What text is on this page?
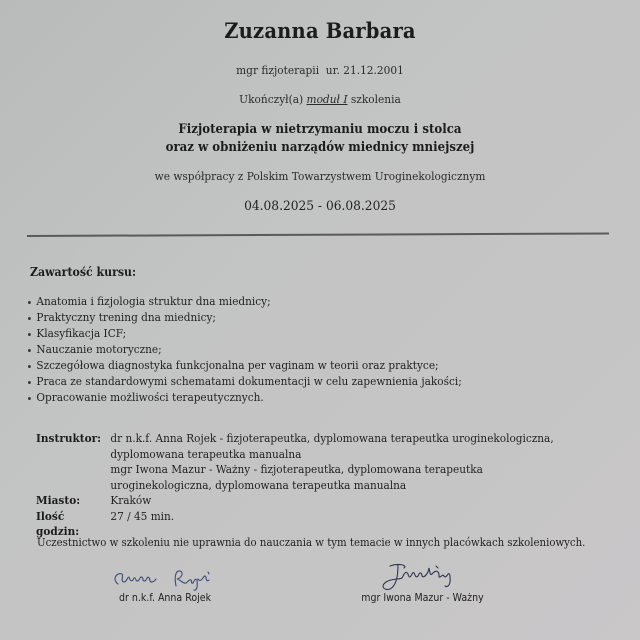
Zuzanna Barbara
mgr fizjoterapii ur. 21.12.2001
Ukończył(a) moduł I szkolenia
Fizjoterapia w nietrzymaniu moczu i stolca
oraz w obniżeniu narządów miednicy mniejszej
we współpracy z Polskim Towarzystwem Uroginekologicznym
04.08.2025 - 06.08.2025
Zawartość kursu:
Anatomia i fizjologia struktur dna miednicy;
Praktyczny trening dna miednicy;
Klasyfikacja ICF;
Nauczanie motoryczne;
Szczegółowa diagnostyka funkcjonalna per vaginam w teorii oraz praktyce;
Praca ze standardowymi schematami dokumentacji w celu zapewnienia jakości;
Opracowanie możliwości terapeutycznych.
Instruktor: dr n.k.f. Anna Rojek - fizjoterapeutka, dyplomowana terapeutka uroginekologiczna,
dyplomowana terapeutka manualna
mgr Iwona Mazur - Ważny - fizjoterapeutka, dyplomowana terapeutka
uroginekologiczna, dyplomowana terapeutka manualna
Miasto:	Kraków
Ilość godzin:
27 / 45 min.
Uczestnictwo w szkoleniu nie uprawnia do nauczania w tym temacie w innych placówkach szkoleniowych.
dr n.k.f. Anna Rojek	mgr Iwona Mazur - Ważny
